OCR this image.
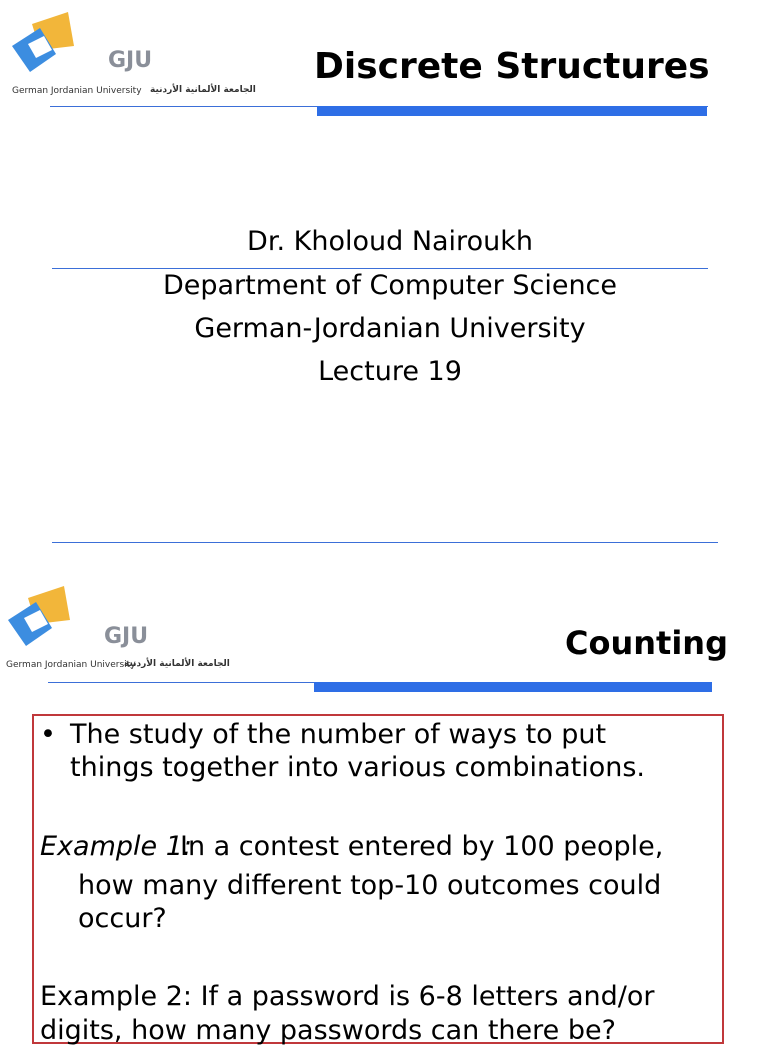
GJU
German Jordanian University الجامعة الألمانية الأردنية
Discrete Structures
Dr. Kholoud Nairoukh
Department of Computer Science
German-Jordanian University
Lecture 19
GJU
German Jordanian University
الجامعة الألمانية الأردنية
Counting
• The study of the number of ways to put
things together into various combinations.
Example 1:
In a contest entered by 100 people,
how many different top-10 outcomes could
occur?
Example 2: If a password is 6-8 letters and/or
digits, how many passwords can there be?
